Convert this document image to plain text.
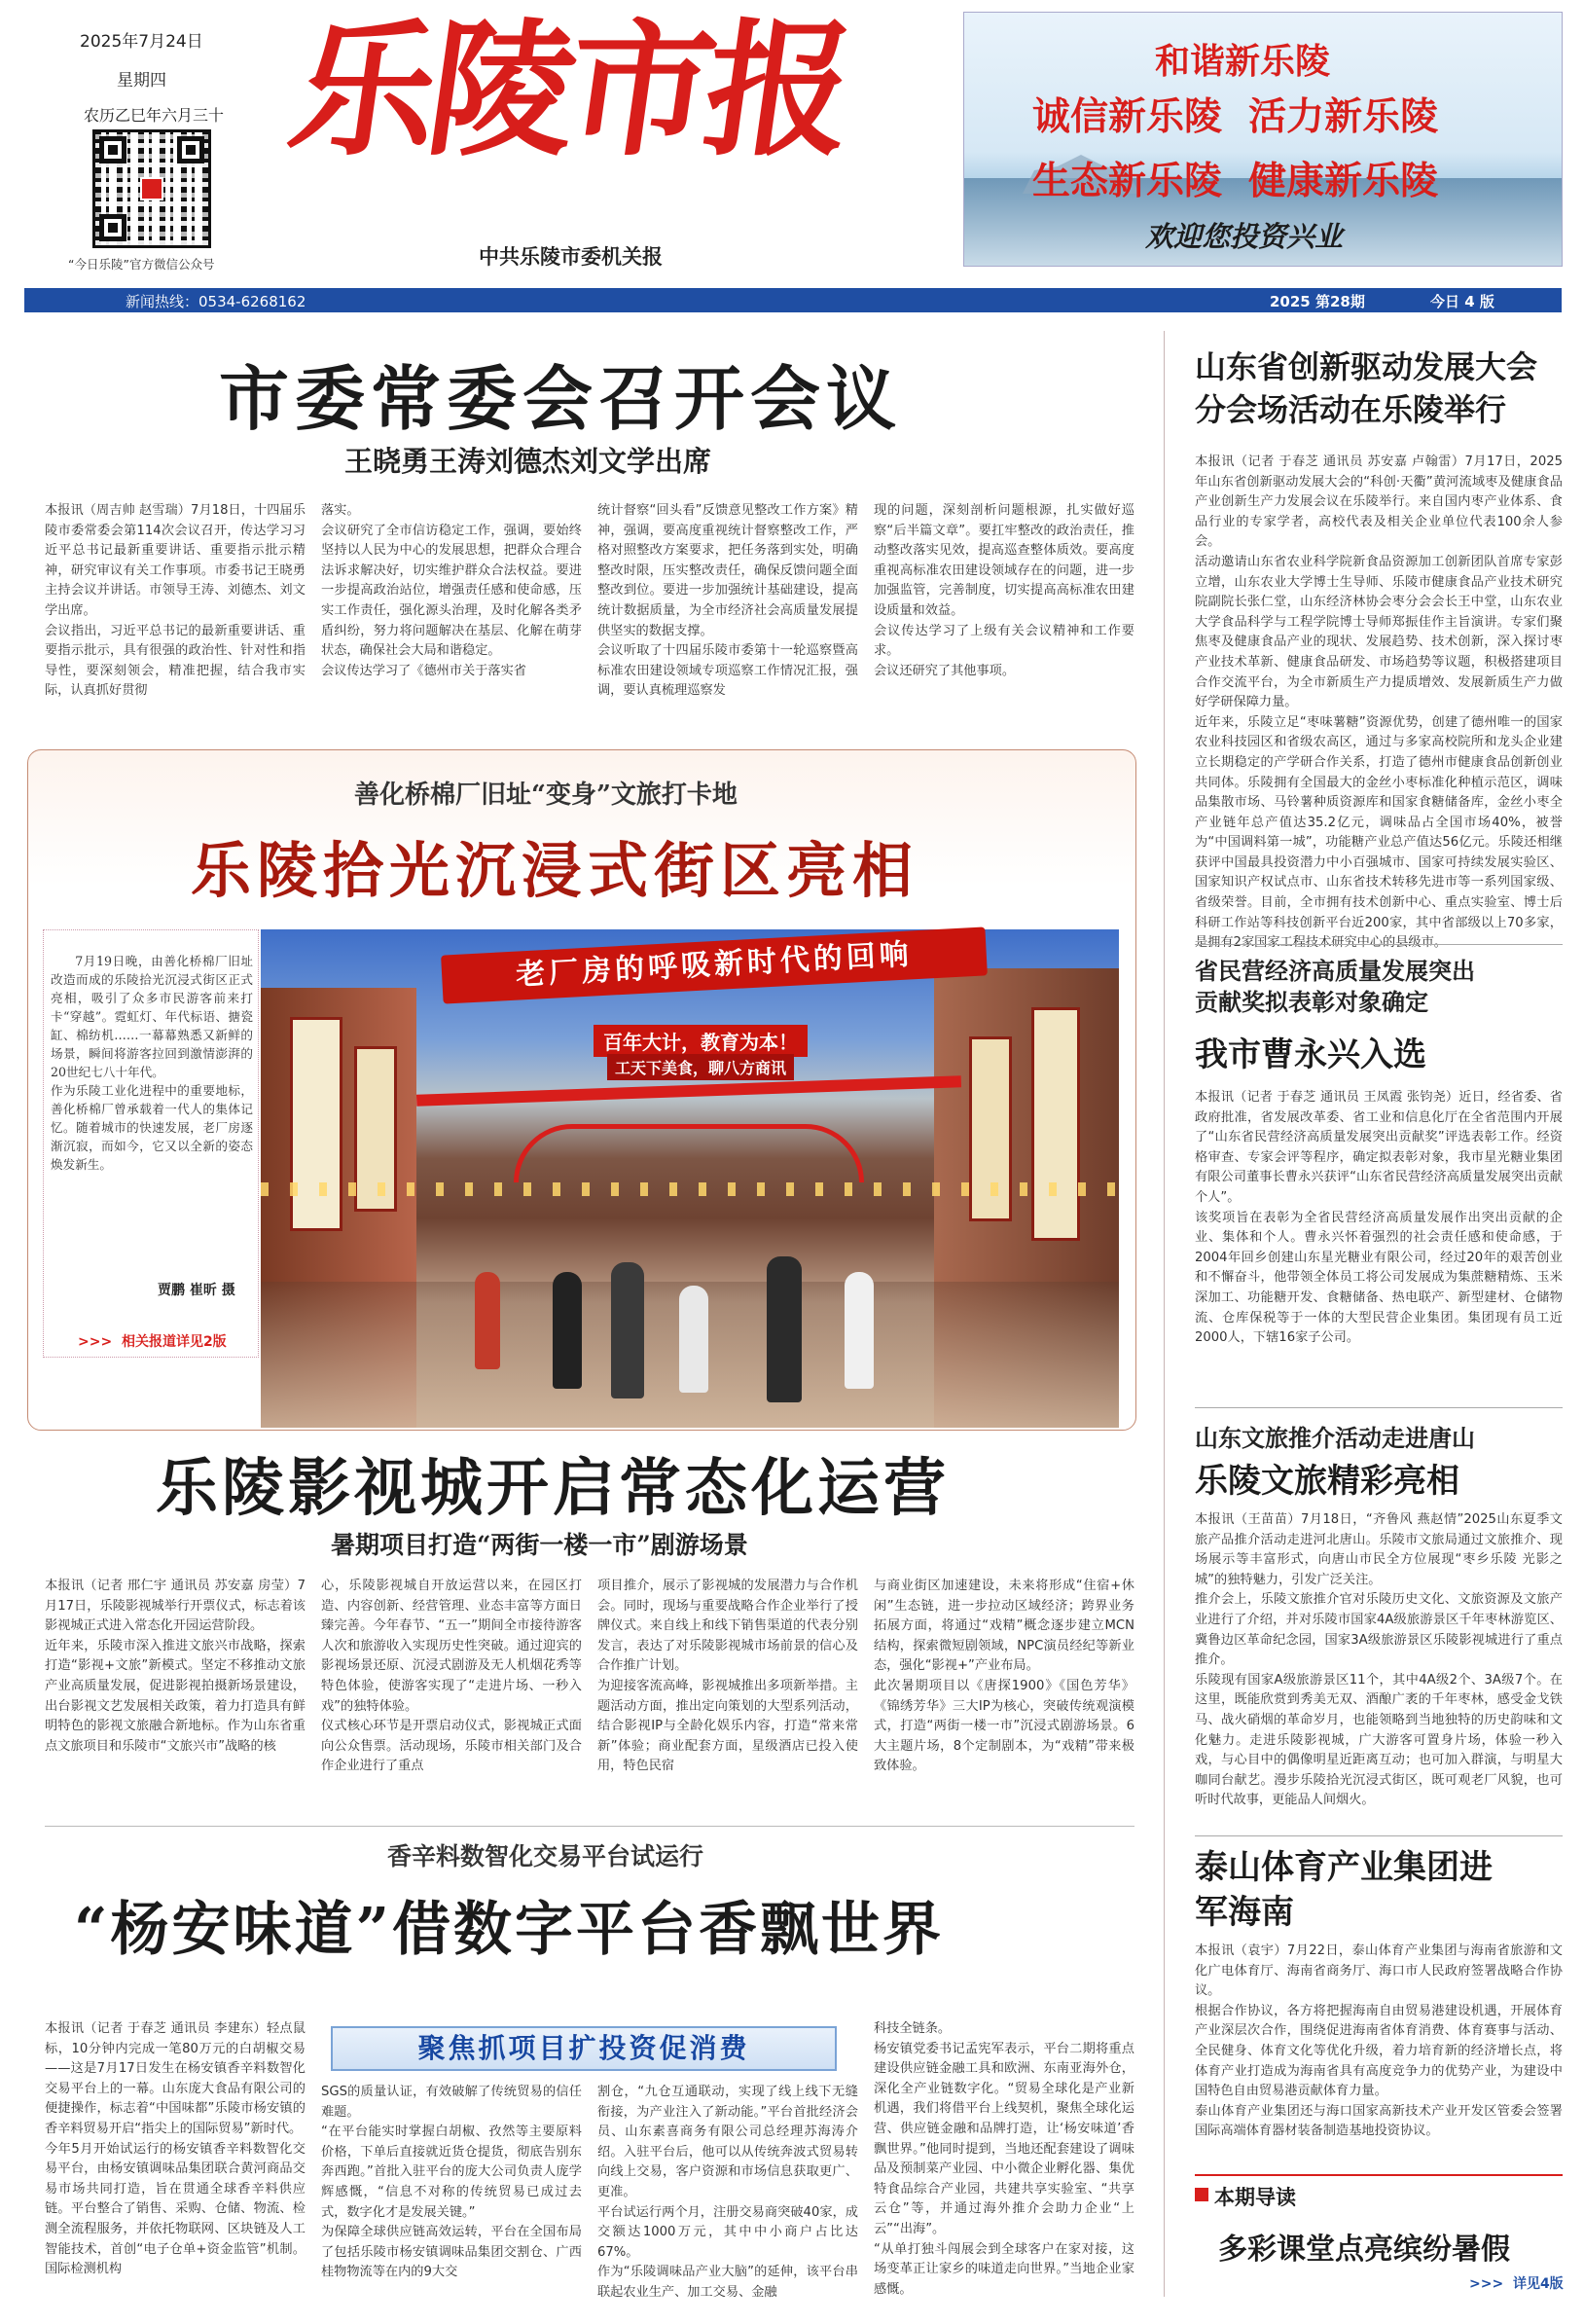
2025年7月24日
星期四
农历乙巳年六月三十
“今日乐陵”官方微信公众号
乐陵市报
中共乐陵市委机关报
和谐新乐陵
诚信新乐陵  活力新乐陵
生态新乐陵  健康新乐陵
欢迎您投资兴业
新闻热线：0534-6268162	2025 第28期	今日 4 版
市委常委会召开会议
王晓勇王涛刘德杰刘文学出席
本报讯（周吉帅 赵雪瑞）7月18日，十四届乐陵市委常委会第114次会议召开，传达学习习近平总书记最新重要讲话、重要指示批示精神，研究审议有关工作事项。市委书记王晓勇主持会议并讲话。市领导王涛、刘德杰、刘文学出席。
会议指出，习近平总书记的最新重要讲话、重要指示批示，具有很强的政治性、针对性和指导性，要深刻领会，精准把握，结合我市实际，认真抓好贯彻
落实。
会议研究了全市信访稳定工作，强调，要始终坚持以人民为中心的发展思想，把群众合理合法诉求解决好，切实维护群众合法权益。要进一步提高政治站位，增强责任感和使命感，压实工作责任，强化源头治理，及时化解各类矛盾纠纷，努力将问题解决在基层、化解在萌芽状态，确保社会大局和谐稳定。
会议传达学习了《德州市关于落实省
统计督察“回头看”反馈意见整改工作方案》精神，强调，要高度重视统计督察整改工作，严格对照整改方案要求，把任务落到实处，明确整改时限，压实整改责任，确保反馈问题全面整改到位。要进一步加强统计基础建设，提高统计数据质量，为全市经济社会高质量发展提供坚实的数据支撑。
会议听取了十四届乐陵市委第十一轮巡察暨高标准农田建设领域专项巡察工作情况汇报，强调，要认真梳理巡察发
现的问题，深刻剖析问题根源，扎实做好巡察“后半篇文章”。要扛牢整改的政治责任，推动整改落实见效，提高巡查整体质效。要高度重视高标准农田建设领域存在的问题，进一步加强监管，完善制度，切实提高高标准农田建设质量和效益。
会议传达学习了上级有关会议精神和工作要求。
会议还研究了其他事项。
善化桥棉厂旧址“变身”文旅打卡地
乐陵拾光沉浸式街区亮相
7月19日晚，由善化桥棉厂旧址改造而成的乐陵拾光沉浸式街区正式亮相，吸引了众多市民游客前来打卡“穿越”。霓虹灯、年代标语、搪瓷缸、棉纺机……一幕幕熟悉又新鲜的场景，瞬间将游客拉回到激情澎湃的20世纪七八十年代。
作为乐陵工业化进程中的重要地标，善化桥棉厂曾承载着一代人的集体记忆。随着城市的快速发展，老厂房逐渐沉寂，而如今，它又以全新的姿态焕发新生。
贾鹏 崔昕 摄
>>>  相关报道详见2版
老厂房的呼吸新时代的回响
百年大计，教育为本！
工天下美食，聊八方商讯
乐陵影视城开启常态化运营
暑期项目打造“两街一楼一市”剧游场景
本报讯（记者 邢仁宇 通讯员 苏安嘉 房莹）7月17日，乐陵影视城举行开票仪式，标志着该影视城正式进入常态化开园运营阶段。
近年来，乐陵市深入推进文旅兴市战略，探索打造“影视+文旅”新模式。坚定不移推动文旅产业高质量发展，促进影视拍摄新场景建设，出台影视文艺发展相关政策，着力打造具有鲜明特色的影视文旅融合新地标。作为山东省重点文旅项目和乐陵市“文旅兴市”战略的核
心，乐陵影视城自开放运营以来，在园区打造、内容创新、经营管理、业态丰富等方面日臻完善。今年春节、“五一”期间全市接待游客人次和旅游收入实现历史性突破。通过迎宾的影视场景还原、沉浸式剧游及无人机烟花秀等特色体验，使游客实现了“走进片场、一秒入戏”的独特体验。
仪式核心环节是开票启动仪式，影视城正式面向公众售票。活动现场，乐陵市相关部门及合作企业进行了重点
项目推介，展示了影视城的发展潜力与合作机会。同时，现场与重要战略合作企业举行了授牌仪式。来自线上和线下销售渠道的代表分别发言，表达了对乐陵影视城市场前景的信心及合作推广计划。
为迎接客流高峰，影视城推出多项新举措。主题活动方面，推出定向策划的大型系列活动，结合影视IP与全龄化娱乐内容，打造“常来常新”体验；商业配套方面，星级酒店已投入使用，特色民宿
与商业街区加速建设，未来将形成“住宿+休闲”生态链，进一步拉动区域经济；跨界业务拓展方面，将通过“戏精”概念逐步建立MCN结构，探索微短剧领域，NPC演员经纪等新业态，强化“影视+”产业布局。
此次暑期项目以《唐探1900》《国色芳华》《锦绣芳华》三大IP为核心，突破传统观演模式，打造“两街一楼一市”沉浸式剧游场景。6大主题片场，8个定制剧本，为“戏精”带来极致体验。
香辛料数智化交易平台试运行
“杨安味道”借数字平台香飘世界
聚焦抓项目扩投资促消费
本报讯（记者 于春芝 通讯员 李建东）轻点鼠标，10分钟内完成一笔80万元的白胡椒交易——这是7月17日发生在杨安镇香辛料数智化交易平台上的一幕。山东庞大食品有限公司的便捷操作，标志着“中国味都”乐陵市杨安镇的香辛料贸易开启“指尖上的国际贸易”新时代。
今年5月开始试运行的杨安镇香辛料数智化交易平台，由杨安镇调味品集团联合黄河商品交易市场共同打造，旨在贯通全球香辛料供应链。平台整合了销售、采购、仓储、物流、检测全流程服务，并依托物联网、区块链及人工智能技术，首创“电子仓单+资金监管”机制。国际检测机构
SGS的质量认证，有效破解了传统贸易的信任难题。
“在平台能实时掌握白胡椒、孜然等主要原料价格，下单后直接就近货仓提货，彻底告别东奔西跑。”首批入驻平台的庞大公司负责人庞学辉感慨，“信息不对称的传统贸易已成过去式，数字化才是发展关键。”
为保障全球供应链高效运转，平台在全国布局了包括乐陵市杨安镇调味品集团交割仓、广西桂物物流等在内的9大交
割仓，“九仓互通联动，实现了线上线下无缝衔接，为产业注入了新动能。”平台首批经济会员、山东素喜商务有限公司总经理苏海涛介绍。入驻平台后，他可以从传统奔波式贸易转向线上交易，客户资源和市场信息获取更广、更准。
平台试运行两个月，注册交易商突破40家，成交额达1000万元，其中中小商户占比达67%。
作为“乐陵调味品产业大脑”的延伸，该平台串联起农业生产、加工交易、金融
科技全链条。
杨安镇党委书记孟宪军表示，平台二期将重点建设供应链金融工具和欧洲、东南亚海外仓，深化全产业链数字化。“贸易全球化是产业新机遇，我们将借平台上线契机，聚焦全球化运营、供应链金融和品牌打造，让‘杨安味道’香飘世界。”他同时提到，当地还配套建设了调味品及预制菜产业园、中小微企业孵化器、集优特食品综合产业园，共建共享实验室、“共享云仓”等，并通过海外推介会助力企业“上云”“出海”。
“从单打独斗闯展会到全球客户在家对接，这场变革正让家乡的味道走向世界。”当地企业家感慨。
山东省创新驱动发展大会分会场活动在乐陵举行
本报讯（记者 于春芝 通讯员 苏安嘉 卢翰雷）7月17日，2025年山东省创新驱动发展大会的“科创·天衢”黄河流域枣及健康食品产业创新生产力发展会议在乐陵举行。来自国内枣产业体系、食品行业的专家学者，高校代表及相关企业单位代表100余人参会。
活动邀请山东省农业科学院新食品资源加工创新团队首席专家彭立增，山东农业大学博士生导师、乐陵市健康食品产业技术研究院副院长张仁堂，山东经济林协会枣分会会长王中堂，山东农业大学食品科学与工程学院博士导师郑振佳作主旨演讲。专家们聚焦枣及健康食品产业的现状、发展趋势、技术创新，深入探讨枣产业技术革新、健康食品研发、市场趋势等议题，积极搭建项目合作交流平台，为全市新质生产力提质增效、发展新质生产力做好学研保障力量。
近年来，乐陵立足“枣味薯糖”资源优势，创建了德州唯一的国家农业科技园区和省级农高区，通过与多家高校院所和龙头企业建立长期稳定的产学研合作关系，打造了德州市健康食品创新创业共同体。乐陵拥有全国最大的金丝小枣标准化种植示范区，调味品集散市场、马铃薯种质资源库和国家食糖储备库，金丝小枣全产业链年总产值达35.2亿元，调味品占全国市场40%，被誉为“中国调料第一城”，功能糖产业总产值达56亿元。乐陵还相继获评中国最具投资潜力中小百强城市、国家可持续发展实验区、国家知识产权试点市、山东省技术转移先进市等一系列国家级、省级荣誉。目前，全市拥有技术创新中心、重点实验室、博士后科研工作站等科技创新平台近200家，其中省部级以上70多家，是拥有2家国家工程技术研究中心的县级市。
省民营经济高质量发展突出贡献奖拟表彰对象确定
我市曹永兴入选
本报讯（记者 于春芝 通讯员 王凤霞 张钧尧）近日，经省委、省政府批准，省发展改革委、省工业和信息化厅在全省范围内开展了“山东省民营经济高质量发展突出贡献奖”评选表彰工作。经资格审查、专家会评等程序，确定拟表彰对象，我市星光糖业集团有限公司董事长曹永兴获评“山东省民营经济高质量发展突出贡献个人”。
该奖项旨在表彰为全省民营经济高质量发展作出突出贡献的企业、集体和个人。曹永兴怀着强烈的社会责任感和使命感，于2004年回乡创建山东星光糖业有限公司，经过20年的艰苦创业和不懈奋斗，他带领全体员工将公司发展成为集蔗糖精炼、玉米深加工、功能糖开发、食糖储备、热电联产、新型建材、仓储物流、仓库保税等于一体的大型民营企业集团。集团现有员工近2000人，下辖16家子公司。
山东文旅推介活动走进唐山
乐陵文旅精彩亮相
本报讯（王苗苗）7月18日，“齐鲁风 燕赵情”2025山东夏季文旅产品推介活动走进河北唐山。乐陵市文旅局通过文旅推介、现场展示等丰富形式，向唐山市民全方位展现“枣乡乐陵 光影之城”的独特魅力，引发广泛关注。
推介会上，乐陵文旅推介官对乐陵历史文化、文旅资源及文旅产业进行了介绍，并对乐陵市国家4A级旅游景区千年枣林游览区、冀鲁边区革命纪念园，国家3A级旅游景区乐陵影视城进行了重点推介。
乐陵现有国家A级旅游景区11个，其中4A级2个、3A级7个。在这里，既能欣赏到秀美无双、酒酿广袤的千年枣林，感受金戈铁马、战火硝烟的革命岁月，也能领略到当地独特的历史韵味和文化魅力。走进乐陵影视城，广大游客可置身片场，体验一秒入戏，与心目中的偶像明星近距离互动；也可加入群演，与明星大咖同台献艺。漫步乐陵拾光沉浸式街区，既可观老厂风貌，也可听时代故事，更能品人间烟火。
泰山体育产业集团进军海南
本报讯（袁宇）7月22日，泰山体育产业集团与海南省旅游和文化广电体育厅、海南省商务厅、海口市人民政府签署战略合作协议。
根据合作协议，各方将把握海南自由贸易港建设机遇，开展体育产业深层次合作，围绕促进海南省体育消费、体育赛事与活动、全民健身、体育文化等优化升级，着力培育新的经济增长点，将体育产业打造成为海南省具有高度竞争力的优势产业，为建设中国特色自由贸易港贡献体育力量。
泰山体育产业集团还与海口国家高新技术产业开发区管委会签署国际高端体育器材装备制造基地投资协议。
本期导读
多彩课堂点亮缤纷暑假
>>>  详见4版
